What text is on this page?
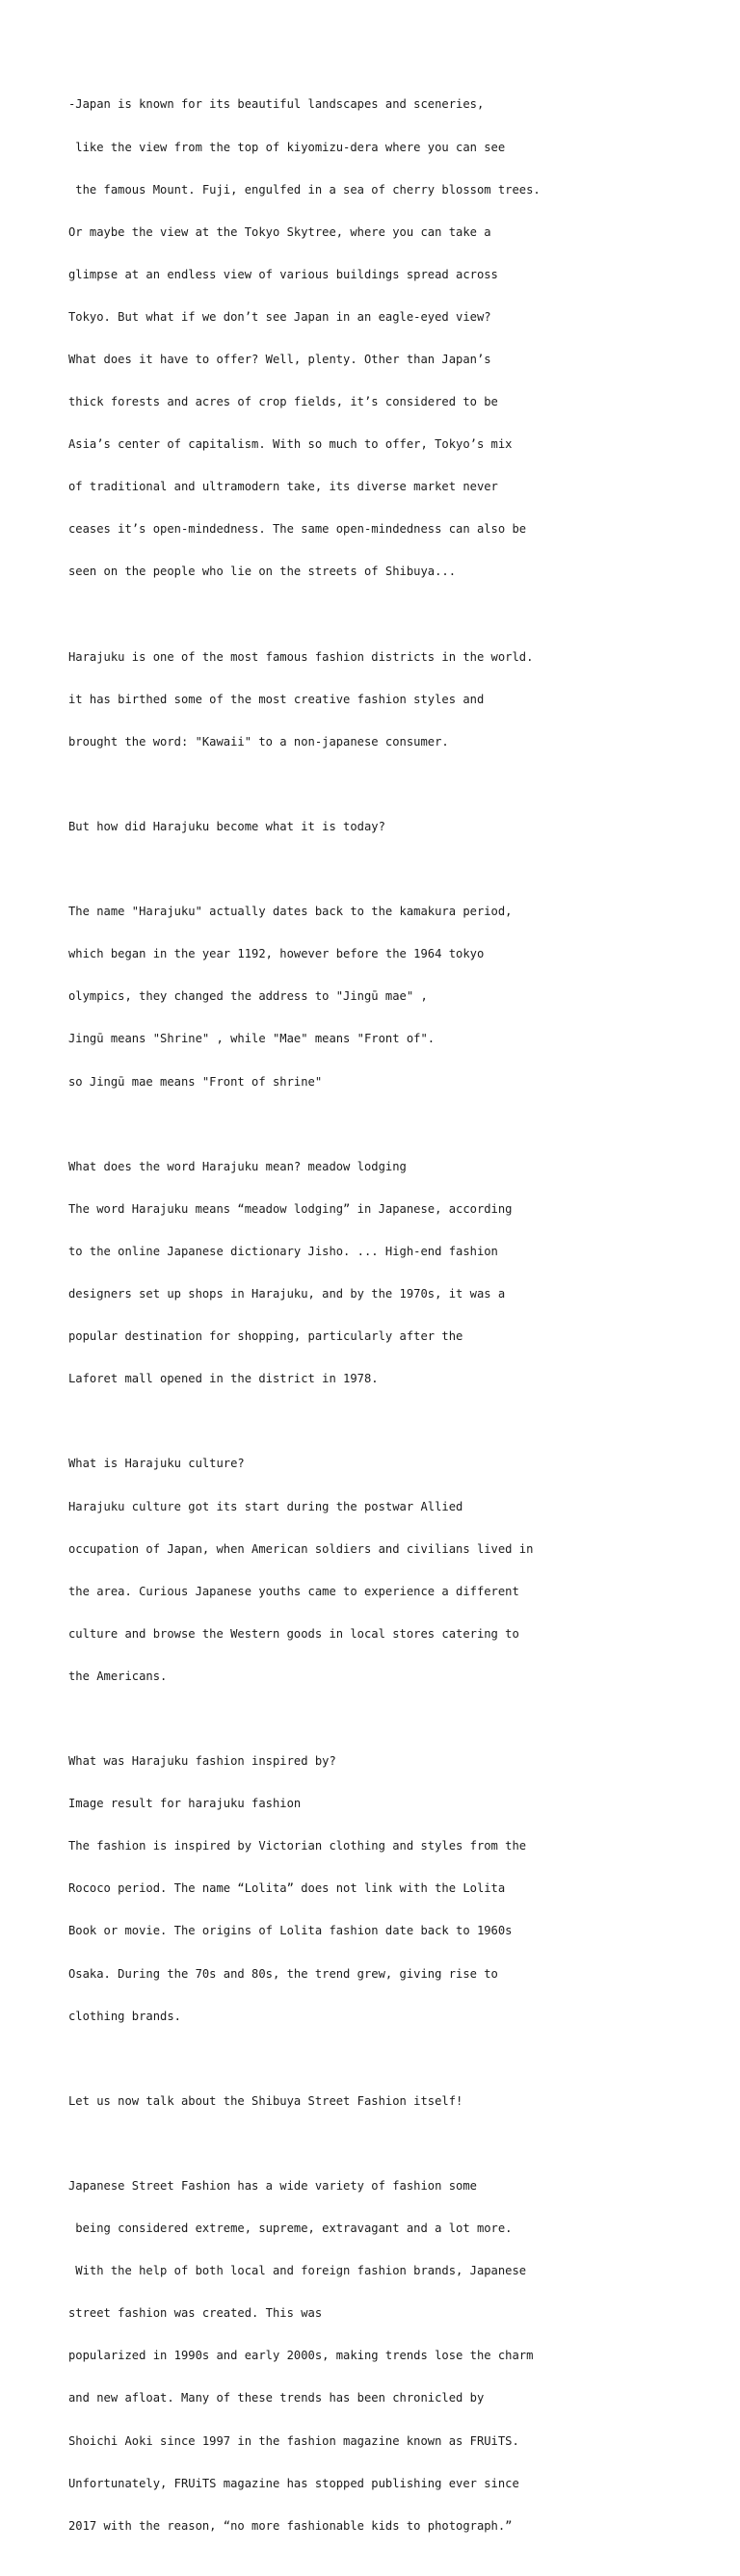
-Japan is known for its beautiful landscapes and sceneries,

like the view from the top of kiyomizu-dera where you can see

the famous Mount. Fuji, engulfed in a sea of cherry blossom trees.

Or maybe the view at the Tokyo Skytree, where you can take a

glimpse at an endless view of various buildings spread across

Tokyo. But what if we don’t see Japan in an eagle-eyed view?

What does it have to offer? Well, plenty. Other than Japan’s

thick forests and acres of crop fields, it’s considered to be

Asia’s center of capitalism. With so much to offer, Tokyo’s mix

of traditional and ultramodern take, its diverse market never

ceases it’s open-mindedness. The same open-mindedness can also be

seen on the people who lie on the streets of Shibuya...

Harajuku is one of the most famous fashion districts in the world.

it has birthed some of the most creative fashion styles and

brought the word: "Kawaii" to a non-japanese consumer.

But how did Harajuku become what it is today?

The name "Harajuku" actually dates back to the kamakura period,

which began in the year 1192, however before the 1964 tokyo

olympics, they changed the address to "Jingū mae" ,

Jingū means "Shrine" , while "Mae" means "Front of".

so Jingū mae means "Front of shrine"

What does the word Harajuku mean? meadow lodging

The word Harajuku means “meadow lodging” in Japanese, according

to the online Japanese dictionary Jisho. ... High-end fashion

designers set up shops in Harajuku, and by the 1970s, it was a

popular destination for shopping, particularly after the

Laforet mall opened in the district in 1978.

What is Harajuku culture?

Harajuku culture got its start during the postwar Allied

occupation of Japan, when American soldiers and civilians lived in

the area. Curious Japanese youths came to experience a different

culture and browse the Western goods in local stores catering to

the Americans.

What was Harajuku fashion inspired by?

Image result for harajuku fashion

The fashion is inspired by Victorian clothing and styles from the

Rococo period. The name “Lolita” does not link with the Lolita

Book or movie. The origins of Lolita fashion date back to 1960s

Osaka. During the 70s and 80s, the trend grew, giving rise to

clothing brands.

Let us now talk about the Shibuya Street Fashion itself!

Japanese Street Fashion has a wide variety of fashion some

being considered extreme, supreme, extravagant and a lot more.

With the help of both local and foreign fashion brands, Japanese

street fashion was created. This was

popularized in 1990s and early 2000s, making trends lose the charm

and new afloat. Many of these trends has been chronicled by

Shoichi Aoki since 1997 in the fashion magazine known as FRUiTS.

Unfortunately, FRUiTS magazine has stopped publishing ever since

2017 with the reason, “no more fashionable kids to photograph.”
